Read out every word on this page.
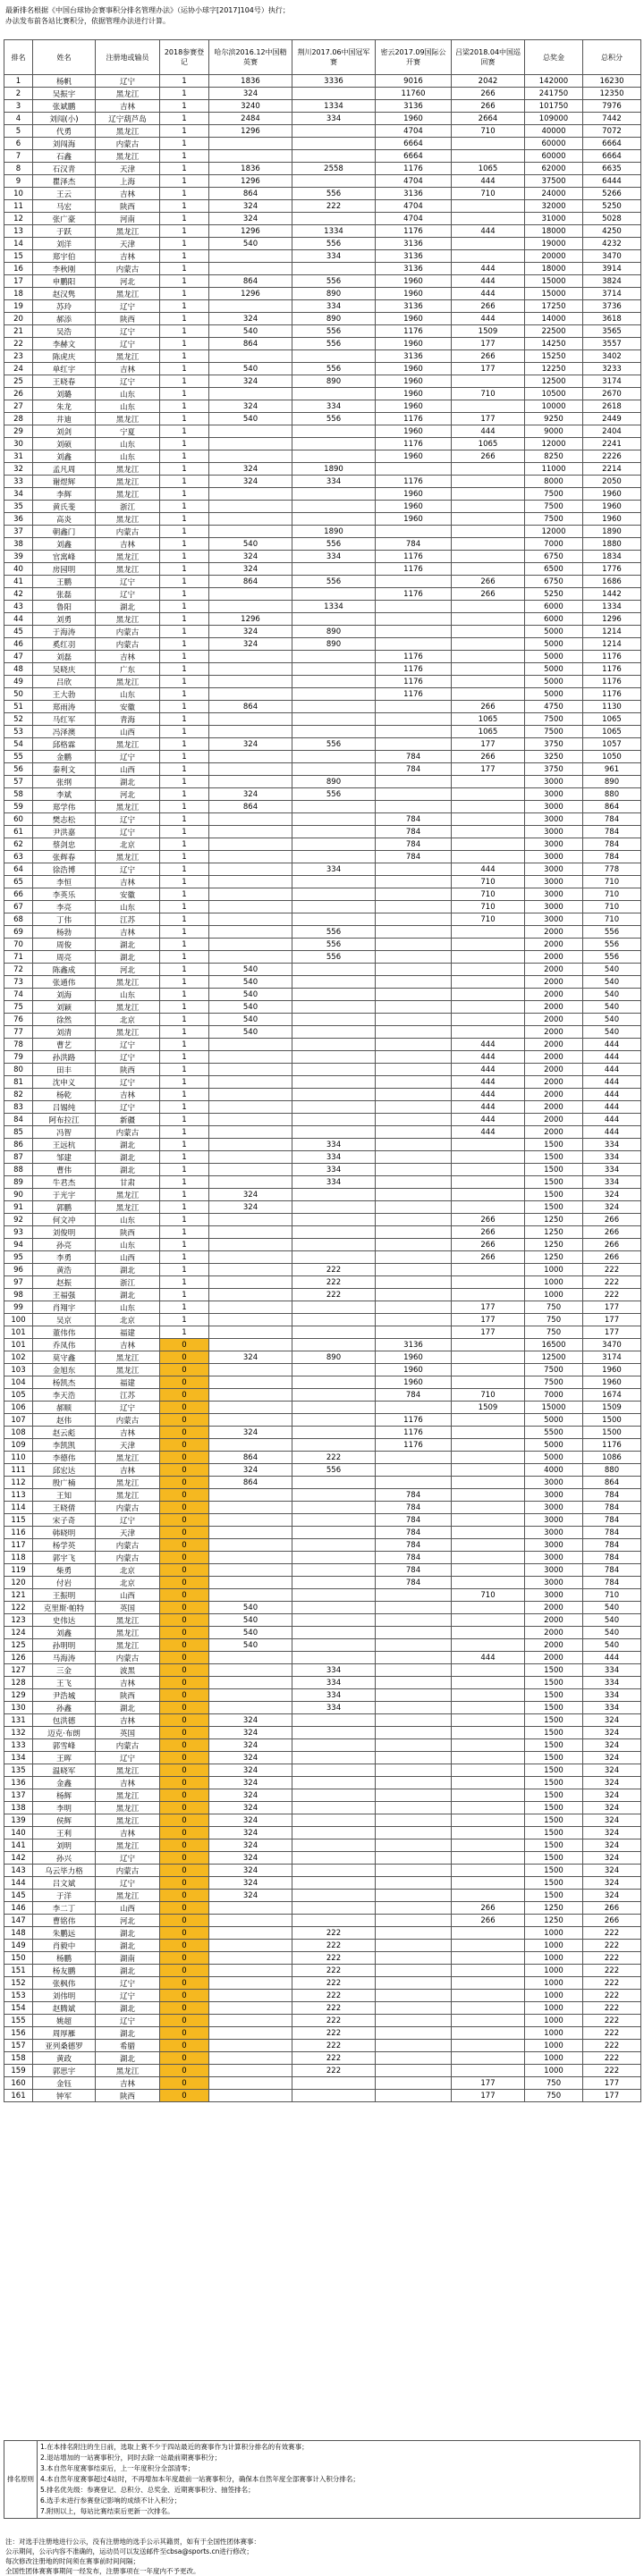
最新排名根据《中国台球协会赛事积分排名管理办法》（运协小球字[2017]104号）执行；
办法发布前各站比赛积分，依据管理办法进行计算。
排名	姓名	注册地或输员	2018参赛登记	哈尔滨2016.12中国精英赛	荆川2017.06中国冠军赛	密云2017.09国际公开赛	吕梁2018.04中国巡回赛	总奖金	总积分
1	杨帆	辽宁	1	1836	3336	9016	2042	142000	16230
2	吴振宇	黑龙江	1	324		11760	266	241750	12350
3	张斌鹏	吉林	1	3240	1334	3136	266	101750	7976
4	刘闯(小)	辽宁葫芦岛	1	2484	334	1960	2664	109000	7442
5	代勇	黑龙江	1	1296		4704	710	40000	7072
6	刘闯海	内蒙古	1			6664		60000	6664
7	石鑫	黑龙江	1			6664		60000	6664
8	石汉青	天津	1	1836	2558	1176	1065	62000	6635
9	瞿泽杰	上海	1	1296		4704	444	37500	6444
10	王云	吉林	1	864	556	3136	710	24000	5266
11	马宏	陕西	1	324	222	4704		32000	5250
12	张广豪	河南	1	324		4704		31000	5028
13	于跃	黑龙江	1	1296	1334	1176	444	18000	4250
14	刘洋	天津	1	540	556	3136		19000	4232
15	郑宇伯	吉林	1		334	3136		20000	3470
16	李秋刚	内蒙古	1			3136	444	18000	3914
17	申鹏阳	河北	1	864	556	1960	444	15000	3824
18	赵汉隽	黑龙江	1	1296	890	1960	444	15000	3714
19	苏玲	辽宁	1		334	3136	266	17250	3736
20	郝添	陕西	1	324	890	1960	444	14000	3618
21	吴浩	辽宁	1	540	556	1176	1509	22500	3565
22	李赫文	辽宁	1	864	556	1960	177	14250	3557
23	陈虎庆	黑龙江	1			3136	266	15250	3402
24	单红宇	吉林	1	540	556	1960	177	12250	3233
25	王晓春	辽宁	1	324	890	1960		12500	3174
26	刘璐	山东	1			1960	710	10500	2670
27	朱龙	山东	1	324	334	1960		10000	2618
28	井迪	黑龙江	1	540	556	1176	177	9250	2449
29	刘剑	宁夏	1			1960	444	9000	2404
30	刘硕	山东	1			1176	1065	12000	2241
31	刘鑫	山东	1			1960	266	8250	2226
32	孟凡周	黑龙江	1	324	1890			11000	2214
33	谢煜辉	黑龙江	1	324	334	1176		8000	2050
34	李辉	黑龙江	1			1960		7500	1960
35	黄氏斐	浙江	1			1960		7500	1960
36	高炎	黑龙江	1			1960		7500	1960
37	朝鑫门	内蒙古	1		1890			12000	1890
38	刘鑫	吉林	1	540	556	784		7000	1880
39	官寓峰	黑龙江	1	324	334	1176		6750	1834
40	房园明	黑龙江	1	324		1176		6500	1776
41	王鹏	辽宁	1	864	556		266	6750	1686
42	张磊	辽宁	1			1176	266	5250	1442
43	鲁阳	湖北	1		1334			6000	1334
44	刘勇	黑龙江	1	1296				6000	1296
45	于海涛	内蒙古	1	324	890			5000	1214
46	奚红羽	内蒙古	1	324	890			5000	1214
47	刘磊	吉林	1			1176		5000	1176
48	吴晓庆	广东	1			1176		5000	1176
49	吕欣	黑龙江	1			1176		5000	1176
50	王大勃	山东	1			1176		5000	1176
51	郑雨涛	安徽	1	864			266	4750	1130
52	马红军	青海	1				1065	7500	1065
53	冯泽澳	山西	1				1065	7500	1065
54	邱格霖	黑龙江	1	324	556		177	3750	1057
55	金鹏	辽宁	1			784	266	3250	1050
56	秦利文	山西	1			784	177	3750	961
57	张纲	湖北	1		890			3000	890
58	李斌	河北	1	324	556			3000	880
59	郑学伟	黑龙江	1	864				3000	864
60	樊志松	辽宁	1			784		3000	784
61	尹洪嘉	辽宁	1			784		3000	784
62	蔡剑忠	北京	1			784		3000	784
63	张辉春	黑龙江	1			784		3000	784
64	徐浩博	辽宁	1		334		444	3000	778
65	李恒	吉林	1				710	3000	710
66	李英乐	安徽	1				710	3000	710
67	李亮	山东	1				710	3000	710
68	丁伟	江苏	1				710	3000	710
69	杨勃	吉林	1		556			2000	556
70	周俊	湖北	1		556			2000	556
71	周亮	湖北	1		556			2000	556
72	陈鑫成	河北	1	540				2000	540
73	张通伟	黑龙江	1	540				2000	540
74	刘海	山东	1	540				2000	540
75	刘颖	黑龙江	1	540				2000	540
76	徐然	北京	1	540				2000	540
77	刘清	黑龙江	1	540				2000	540
78	曹艺	辽宁	1				444	2000	444
79	孙洪路	辽宁	1				444	2000	444
80	田丰	陕西	1				444	2000	444
81	沈申义	辽宁	1				444	2000	444
82	杨乾	吉林	1				444	2000	444
83	吕锡纯	辽宁	1				444	2000	444
84	阿布拉江	新疆	1				444	2000	444
85	冯智	内蒙古	1				444	2000	444
86	王远杭	湖北	1		334			1500	334
87	邹建	湖北	1		334			1500	334
88	曹伟	湖北	1		334			1500	334
89	牛君杰	甘肃	1		334			1500	334
90	于光宇	黑龙江	1	324				1500	324
91	郭鹏	黑龙江	1	324				1500	324
92	何文冲	山东	1				266	1250	266
93	刘俊明	陕西	1				266	1250	266
94	孙亮	山东	1				266	1250	266
95	李勇	山西	1				266	1250	266
96	黄浩	湖北	1		222			1000	222
97	赵振	浙江	1		222			1000	222
98	王福强	湖北	1		222			1000	222
99	肖翔宇	山东	1				177	750	177
100	吴京	北京	1				177	750	177
101	董伟伟	福建	1				177	750	177
101	乔凤伟	吉林	0			3136		16500	3470
102	莫守鑫	黑龙江	0	324	890	1960		12500	3174
103	金旭东	黑龙江	0			1960		7500	1960
104	杨凯杰	福建	0			1960		7500	1960
105	李天浩	江苏	0			784	710	7000	1674
106	郝顺	辽宁	0				1509	15000	1509
107	赵伟	内蒙古	0			1176		5000	1500
108	赵云彪	吉林	0	324		1176		5500	1500
109	李凯凯	天津	0			1176		5000	1176
110	李德伟	黑龙江	0	864	222			5000	1086
111	邱宏达	吉林	0	324	556			4000	880
112	殷广楠	黑龙江	0	864				3000	864
113	王知	黑龙江	0			784		3000	784
114	王晓倩	内蒙古	0			784		3000	784
115	宋子奇	辽宁	0			784		3000	784
116	韩晓明	天津	0			784		3000	784
117	杨学英	内蒙古	0			784		3000	784
118	郭宇飞	内蒙古	0			784		3000	784
119	柴勇	北京	0			784		3000	784
120	付岩	北京	0			784		3000	784
121	王振明	山西	0				710	3000	710
122	克里斯·帕特	英国	0	540				2000	540
123	史伟达	黑龙江	0	540				2000	540
124	刘鑫	黑龙江	0	540				2000	540
125	孙明明	黑龙江	0	540				2000	540
126	马海涛	内蒙古	0				444	2000	444
127	三金	波黑	0		334			1500	334
128	王飞	吉林	0		334			1500	334
129	尹浩城	陕西	0		334			1500	334
130	孙鑫	湖北	0		334			1500	334
131	包洪德	吉林	0	324				1500	324
132	迈克·布朗	英国	0	324				1500	324
133	郭雪峰	内蒙古	0	324				1500	324
134	王晖	辽宁	0	324				1500	324
135	温晓军	黑龙江	0	324				1500	324
136	金鑫	吉林	0	324				1500	324
137	杨辉	黑龙江	0	324				1500	324
138	李明	黑龙江	0	324				1500	324
139	侯辉	黑龙江	0	324				1500	324
140	王利	吉林	0	324				1500	324
141	刘明	黑龙江	0	324				1500	324
142	孙兴	辽宁	0	324				1500	324
143	乌云毕力格	内蒙古	0	324				1500	324
144	吕文斌	辽宁	0	324				1500	324
145	于洋	黑龙江	0	324				1500	324
146	李二丁	山西	0				266	1250	266
147	曹铭伟	河北	0				266	1250	266
148	朱鹏远	湖北	0		222			1000	222
149	肖毅中	湖北	0		222			1000	222
150	杨鹏	湖南	0		222			1000	222
151	杨友鹏	湖北	0		222			1000	222
152	张枫伟	辽宁	0		222			1000	222
153	刘伟明	辽宁	0		222			1000	222
154	赵腾斌	湖北	0		222			1000	222
155	姚超	辽宁	0		222			1000	222
156	周厚雁	湖北	0		222			1000	222
157	亚列桑德罗	希腊	0		222			1000	222
158	黄政	湖北	0		222			1000	222
159	郭思宇	黑龙江	0		222			1000	222
160	金钰	吉林	0				177	750	177
161	钟军	陕西	0				177	750	177
排名原则	
1.在本排名附注的生日前，选取上赛不少于四站最近的赛事作为计算积分排名的有效赛事；
2.退站增加的一站赛事积分，同时去除一站最前期赛事积分；
3.本自然年度赛事结束后，上一年度积分全部清零；
4.本自然年度赛事超过4站时，不再增加本年度最前一站赛事积分，确保本自然年度全部赛事计入积分排名；
5.排名优先级：参赛登记、总积分、总奖金、近期赛事积分、抽签排名；
6.选手未进行参赛登记影响的成绩不计入积分；
7.附则以上，每站比赛结束后更新一次排名。
注：对选手注册地进行公示，没有注册地的选手公示其籍贯，如有于全国性团体赛事：
公示期间，公示内容不准确的，运动员可以发送邮件至cbsa@sports.cn进行修改；
每次修改注册地的时间须在赛事前时间间隔；
全国性团体赛赛事期间一经发布，注册事项在一年度内不予更改。
